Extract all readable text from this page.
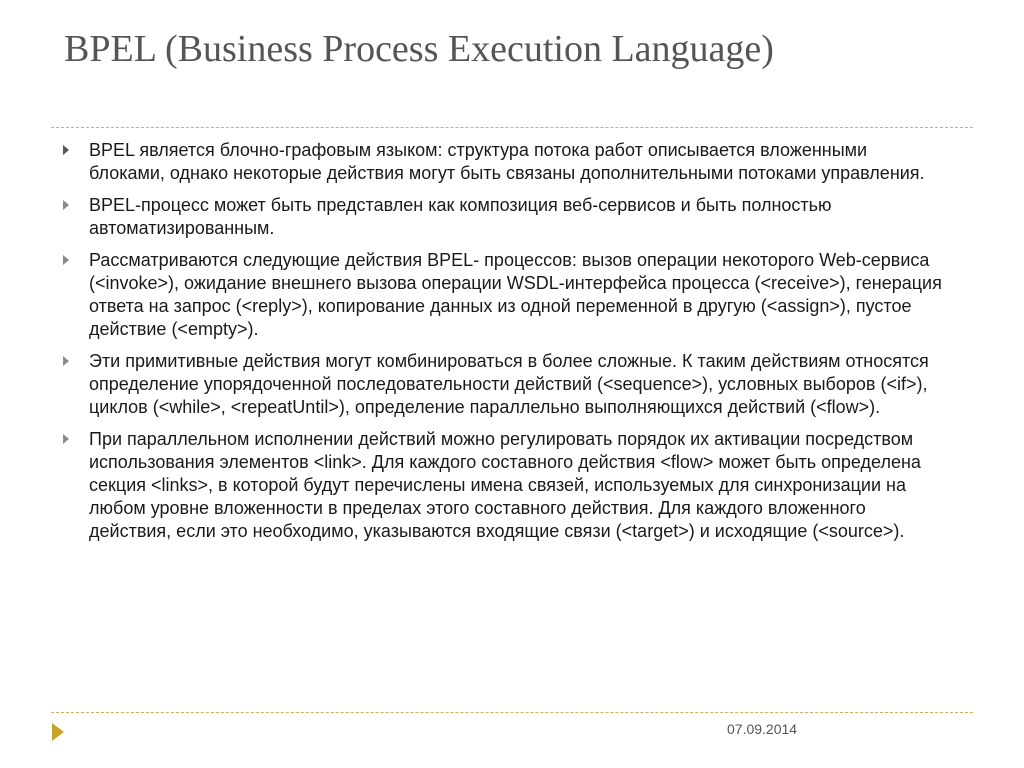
BPEL (Business Process Execution Language)
BPEL является блочно-графовым языком: структура потока работ описывается вложенными блоками, однако некоторые действия могут быть связаны дополнительными потоками управления.
BPEL-процесс может быть представлен как композиция веб-сервисов и быть полностью автоматизированным.
Рассматриваются следующие действия BPEL- процессов: вызов операции некоторого Web-сервиса (<invoke>), ожидание внешнего вызова операции WSDL-интерфейса процесса (<receive>), генерация ответа на запрос (<reply>), копирование данных из одной переменной в другую (<assign>), пустое действие (<empty>).
Эти примитивные действия могут комбинироваться в более сложные. К таким действиям относятся определение упорядоченной последовательности действий (<sequence>), условных выборов (<if>), циклов (<while>, <repeatUntil>), определение параллельно выполняющихся действий (<flow>).
При параллельном исполнении действий можно регулировать порядок их активации посредством использования элементов <link>. Для каждого составного действия <flow> может быть определена секция <links>, в которой будут перечислены имена связей, используемых для синхронизации на любом уровне вложенности в пределах этого составного действия. Для каждого вложенного действия, если это необходимо, указываются входящие связи (<target>) и исходящие (<source>).
07.09.2014
